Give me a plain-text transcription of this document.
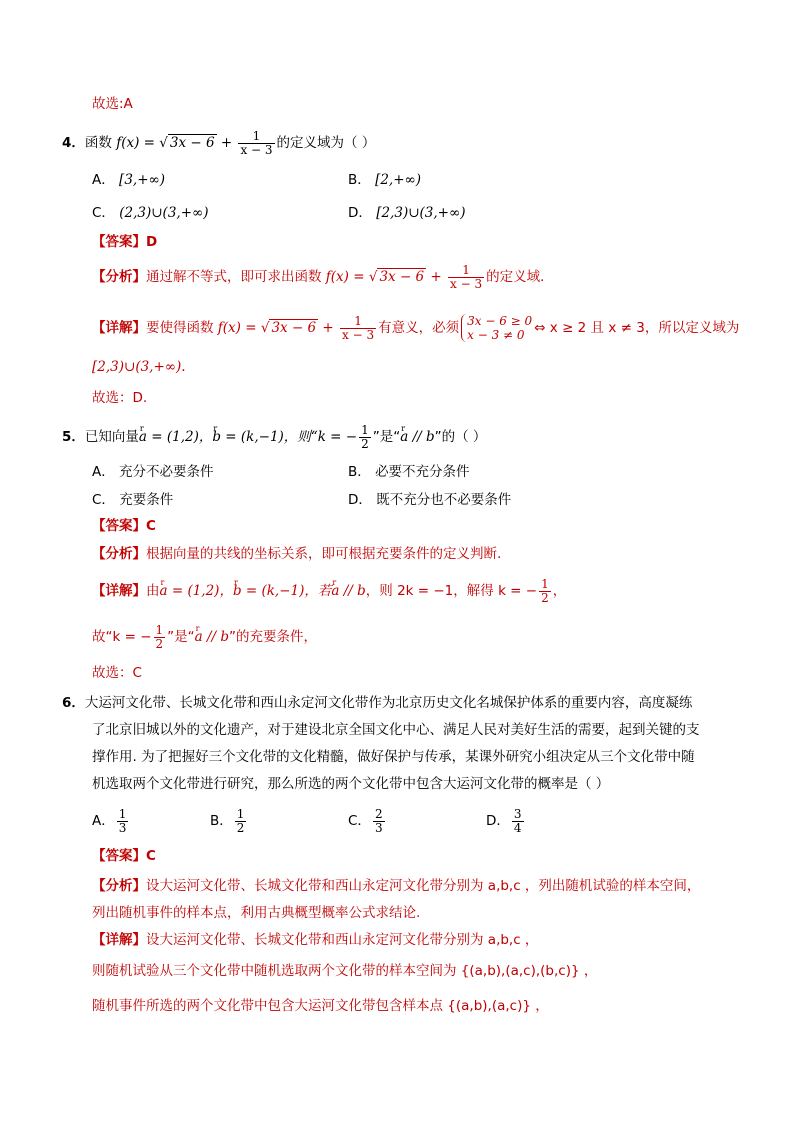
故选:A
4．函数 f(x) = √ $3x - 6 + \frac{1}{x - 3}$ 的定义域为（ ）
A． [3,+∞)	B． [2,+∞)
C． (2,3)∪(3,+∞)	D． [2,3)∪(3,+∞)
【答案】D
【分析】通过解不等式，即可求出函数 f(x) = √ $3x - 6 + \frac{1}{x - 3}$ 的定义域.
【详解】要使得函数 f(x) = √ $3x - 6 + \frac{1}{x - 3}$ 有意义，必须 3x − 6 ≥ 0
x − 3 ≠ 0 ⇔ x ≥ 2 且 x ≠ 3，所以定义域为
[2,3)∪(3,+∞).
故选：D.
5．已知向量r a = (1,2)，r b = (k,−1)，则“k = − $\frac{1}{2}$ ”是“r a // b”的（ ）
A． 充分不必要条件	B． 必要不充分条件
C． 充要条件	D． 既不充分也不必要条件
【答案】C
【分析】根据向量的共线的坐标关系，即可根据充要条件的定义判断.
【详解】由r a = (1,2)，r b = (k,−1)，若r a // b，则 2k = −1，解得 k = − $\frac{1}{2}$ ，
故“k = − $\frac{1}{2}$ ”是“r a // b”的充要条件，
故选：C
6．大运河文化带、长城文化带和西山永定河文化带作为北京历史文化名城保护体系的重要内容，高度凝练
了北京旧城以外的文化遗产，对于建设北京全国文化中心、满足人民对美好生活的需要，起到关键的支
撑作用. 为了把握好三个文化带的文化精髓，做好保护与传承，某课外研究小组决定从三个文化带中随
机选取两个文化带进行研究，那么所选的两个文化带中包含大运河文化带的概率是（ ）
A． $\frac{1}{3}$	B． $\frac{1}{2}$	C． $\frac{2}{3}$	D． $\frac{3}{4}$
【答案】C
【分析】设大运河文化带、长城文化带和西山永定河文化带分别为 a,b,c ，列出随机试验的样本空间，
列出随机事件的样本点，利用古典概型概率公式求结论.
【详解】设大运河文化带、长城文化带和西山永定河文化带分别为 a,b,c ，
则随机试验从三个文化带中随机选取两个文化带的样本空间为 {(a,b),(a,c),(b,c)} ，
随机事件所选的两个文化带中包含大运河文化带包含样本点 {(a,b),(a,c)} ，
